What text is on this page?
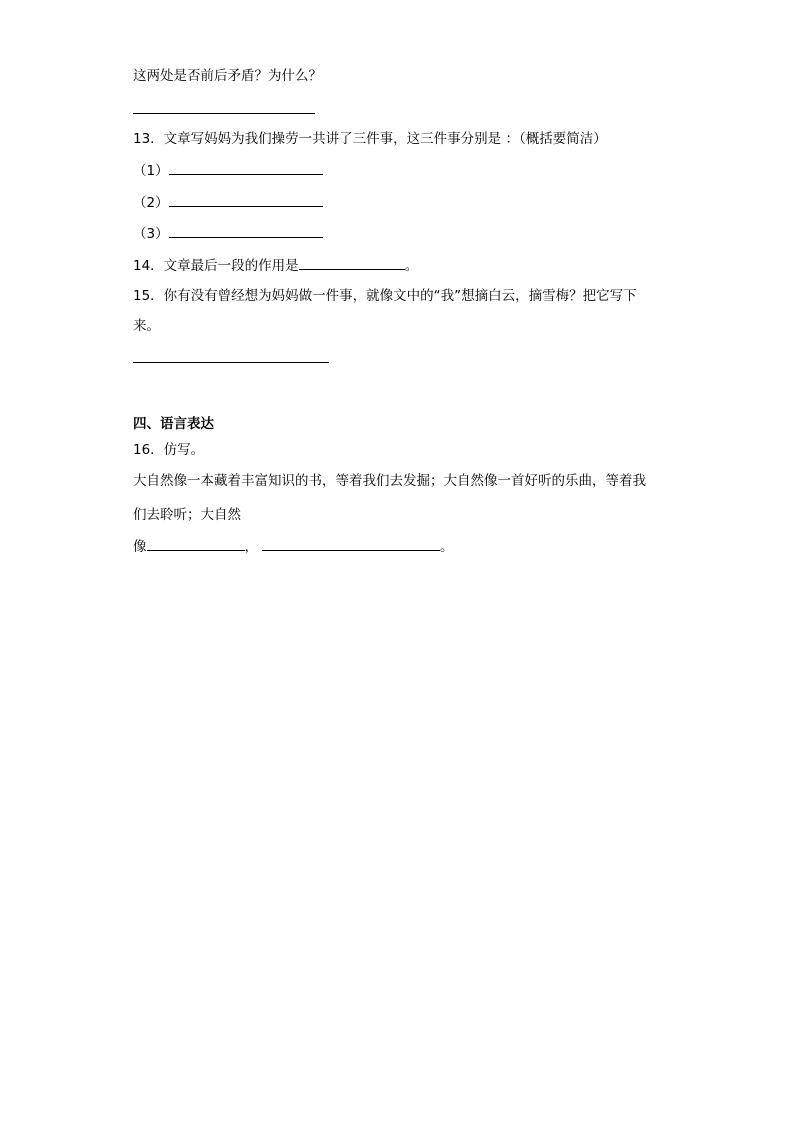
这两处是否前后矛盾？为什么？
13．文章写妈妈为我们操劳一共讲了三件事，这三件事分别是 ：（概括要简洁）
（1）
（2）
（3）
14．文章最后一段的作用是	。
15．你有没有曾经想为妈妈做一件事，就像文中的“我”想摘白云，摘雪梅？把它写下
来。
四、语言表达
16．仿写。
大自然像一本藏着丰富知识的书，等着我们去发掘；大自然像一首好听的乐曲，等着我
们去聆听；大自然
像	，	。
